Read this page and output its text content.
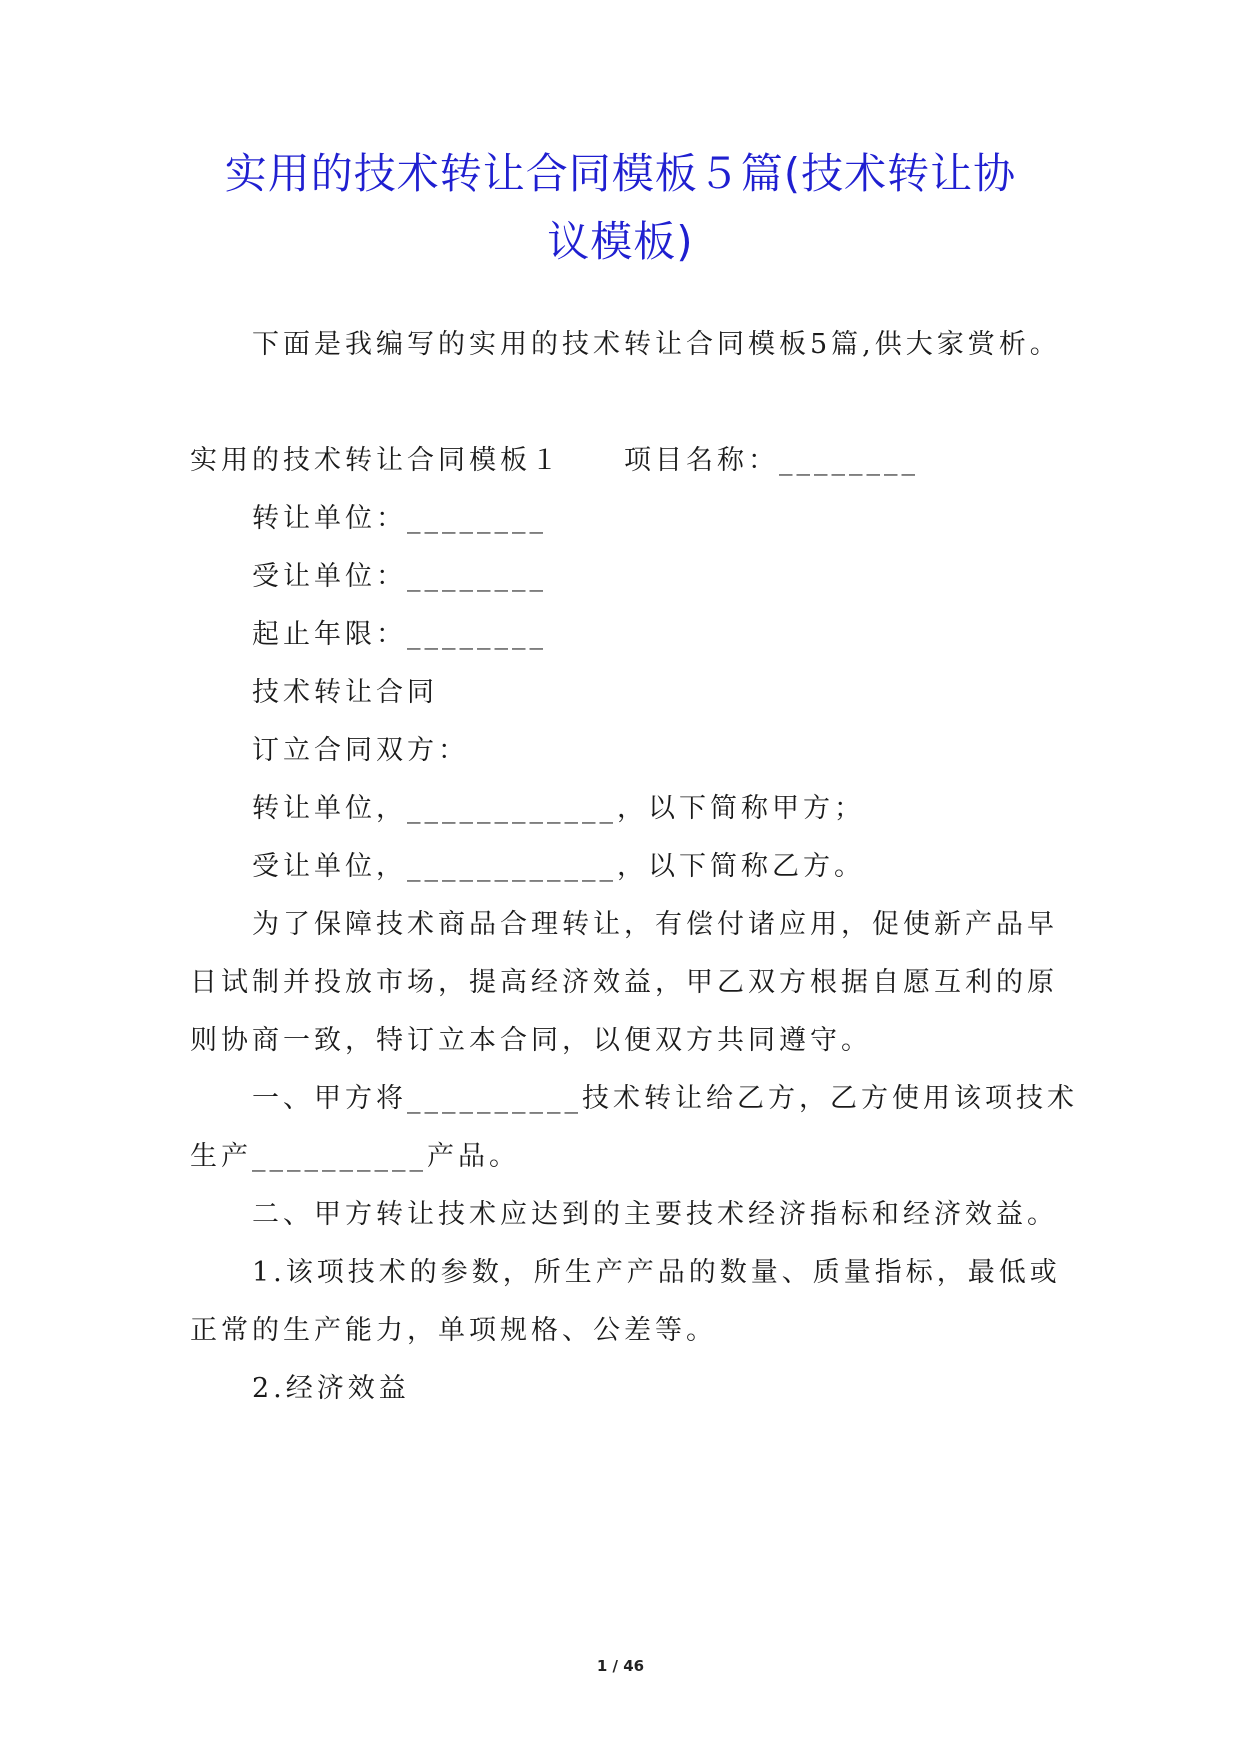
实用的技术转让合同模板５篇(技术转让协
议模板)
下面是我编写的实用的技术转让合同模板5篇,供大家赏析。
实用的技术转让合同模板１　　项目名称：________
转让单位：________
受让单位：________
起止年限：________
技术转让合同
订立合同双方：
转让单位，____________，以下简称甲方；
受让单位，____________，以下简称乙方。
为了保障技术商品合理转让，有偿付诸应用，促使新产品早
日试制并投放市场，提高经济效益，甲乙双方根据自愿互利的原
则协商一致，特订立本合同，以便双方共同遵守。
一、甲方将__________技术转让给乙方，乙方使用该项技术
生产__________产品。
二、甲方转让技术应达到的主要技术经济指标和经济效益。
1.该项技术的参数，所生产产品的数量、质量指标，最低或
正常的生产能力，单项规格、公差等。
2.经济效益
1 / 46
